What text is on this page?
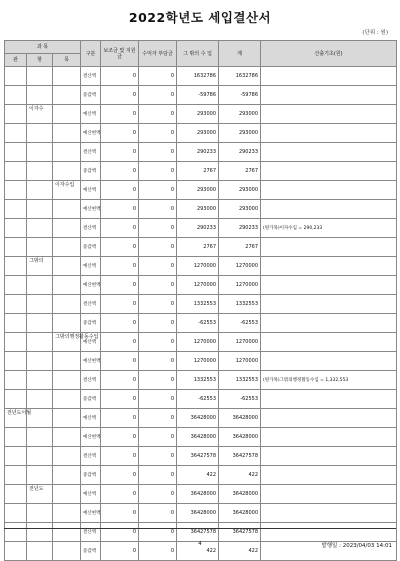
2022학년도 세입결산서
(단위 : 원)
과 목			구분	보조금 및 지원금	수익자 부담금	그 밖의 수 입	계	산출기초(원)
관	항	목						
			결산액	0	0	1632786	1632786	
			증감액	0	0	-59786	-59786	
	이자수		예산액	0	0	293000	293000	
			예산현액	0	0	293000	293000	
			결산액	0	0	290233	290233	
			증감액	0	0	2767	2767	
		이자수입	예산액	0	0	293000	293000	
			예산현액	0	0	293000	293000	
			결산액	0	0	290233	290233	(원가목)이자수입 = 290,233
			증감액	0	0	2767	2767	
	그밖의		예산액	0	0	1270000	1270000	
			예산현액	0	0	1270000	1270000	
			결산액	0	0	1332553	1332553	
			증감액	0	0	-62553	-62553	
		그밖의행정활동수입	예산액	0	0	1270000	1270000	
			예산현액	0	0	1270000	1270000	
			결산액	0	0	1332553	1332553	(원가목)그밖의행정활동수입 = 1,332,553
			증감액	0	0	-62553	-62553	
전년도이월			예산액	0	0	36428000	36428000	
			예산현액	0	0	36428000	36428000	
			결산액	0	0	36427578	36427578	
			증감액	0	0	422	422	
	전년도		예산액	0	0	36428000	36428000	
			예산현액	0	0	36428000	36428000	
			결산액	0	0	36427578	36427578	
			증감액	0	0	422	422	
4	발행일 : 2023/04/03 14:01
